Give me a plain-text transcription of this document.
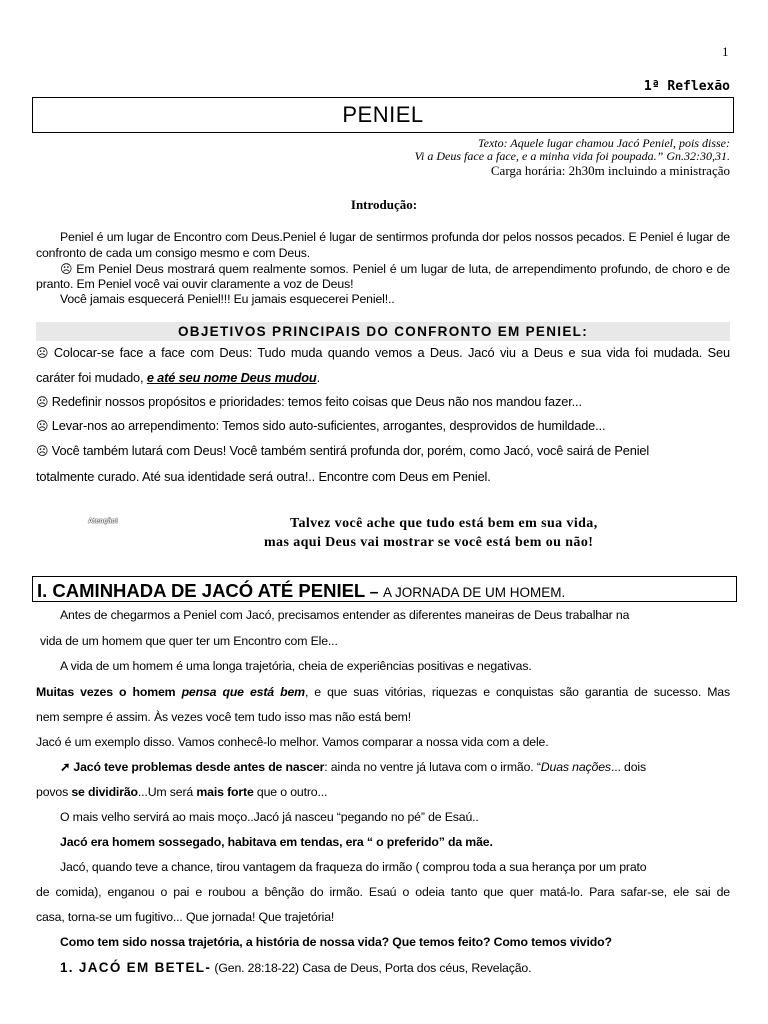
1
1ª Reflexão
PENIEL
Texto: Aquele lugar chamou Jacó Peniel, pois disse:
Vi a Deus face a face, e a minha vida foi poupada.” Gn.32:30,31.
Carga horária: 2h30m incluindo a ministração
Introdução:
Peniel é um lugar de Encontro com Deus.Peniel é lugar de sentirmos profunda dor pelos nossos pecados. E Peniel é lugar de
confronto de cada um consigo mesmo e com Deus.
☹ Em Peniel Deus mostrará quem realmente somos. Peniel é um lugar de luta, de arrependimento profundo, de choro e de
pranto. Em Peniel você vai ouvir claramente a voz de Deus!
Você jamais esquecerá Peniel!!! Eu jamais esquecerei Peniel!..
OBJETIVOS PRINCIPAIS DO CONFRONTO EM PENIEL:
☹ Colocar-se face a face com Deus: Tudo muda quando vemos a Deus. Jacó viu a Deus e sua vida foi mudada. Seu
caráter foi mudado, e até seu nome Deus mudou.
☹ Redefinir nossos propósitos e prioridades: temos feito coisas que Deus não nos mandou fazer...
☹ Levar-nos ao arrependimento: Temos sido auto-suficientes, arrogantes, desprovidos de humildade...
☹ Você também lutará com Deus! Você também sentirá profunda dor, porém, como Jacó, você sairá de Peniel
totalmente curado. Até sua identidade será outra!.. Encontre com Deus em Peniel.
Atenção!	Talvez você ache que tudo está bem em sua vida,
mas aqui Deus vai mostrar se você está bem ou não!
I. CAMINHADA DE JACÓ ATÉ PENIEL – A JORNADA DE UM HOMEM.
Antes de chegarmos a Peniel com Jacó, precisamos entender as diferentes maneiras de Deus trabalhar na
vida de um homem que quer ter um Encontro com Ele...
A vida de um homem é uma longa trajetória, cheia de experiências positivas e negativas.
Muitas vezes o homem pensa que está bem, e que suas vitórias, riquezas e conquistas são garantia de sucesso. Mas
nem sempre é assim. Às vezes você tem tudo isso mas não está bem!
Jacó é um exemplo disso. Vamos conhecê-lo melhor. Vamos comparar a nossa vida com a dele.
➚ Jacó teve problemas desde antes de nascer: ainda no ventre já lutava com o irmão. “Duas nações... dois
povos se dividirão...Um será mais forte que o outro...
O mais velho servirá ao mais moço..Jacó já nasceu “pegando no pé” de Esaú..
Jacó era homem sossegado, habitava em tendas, era “ o preferido” da mãe.
Jacó, quando teve a chance, tirou vantagem da fraqueza do irmão ( comprou toda a sua herança por um prato
de comida), enganou o pai e roubou a bênção do irmão. Esaú o odeia tanto que quer matá-lo. Para safar-se, ele sai de
casa, torna-se um fugitivo... Que jornada! Que trajetória!
Como tem sido nossa trajetória, a história de nossa vida? Que temos feito? Como temos vivido?
1. JACÓ EM BETEL- (Gen. 28:18-22) Casa de Deus, Porta dos céus, Revelação.
